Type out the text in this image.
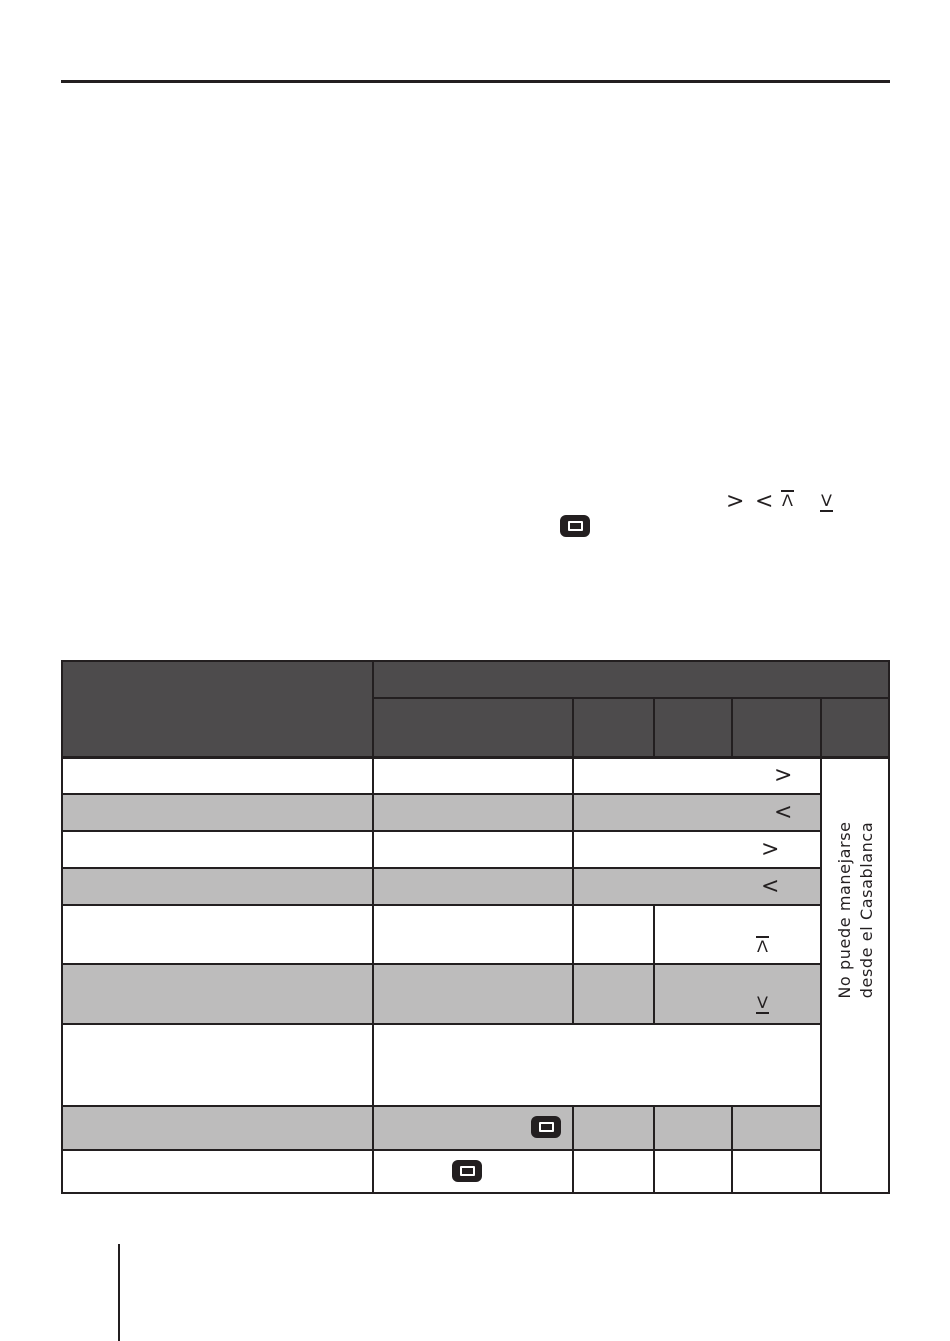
> < Λ V
>
<
>
<
Λ
V
No puede manejarse desde el Casablanca
